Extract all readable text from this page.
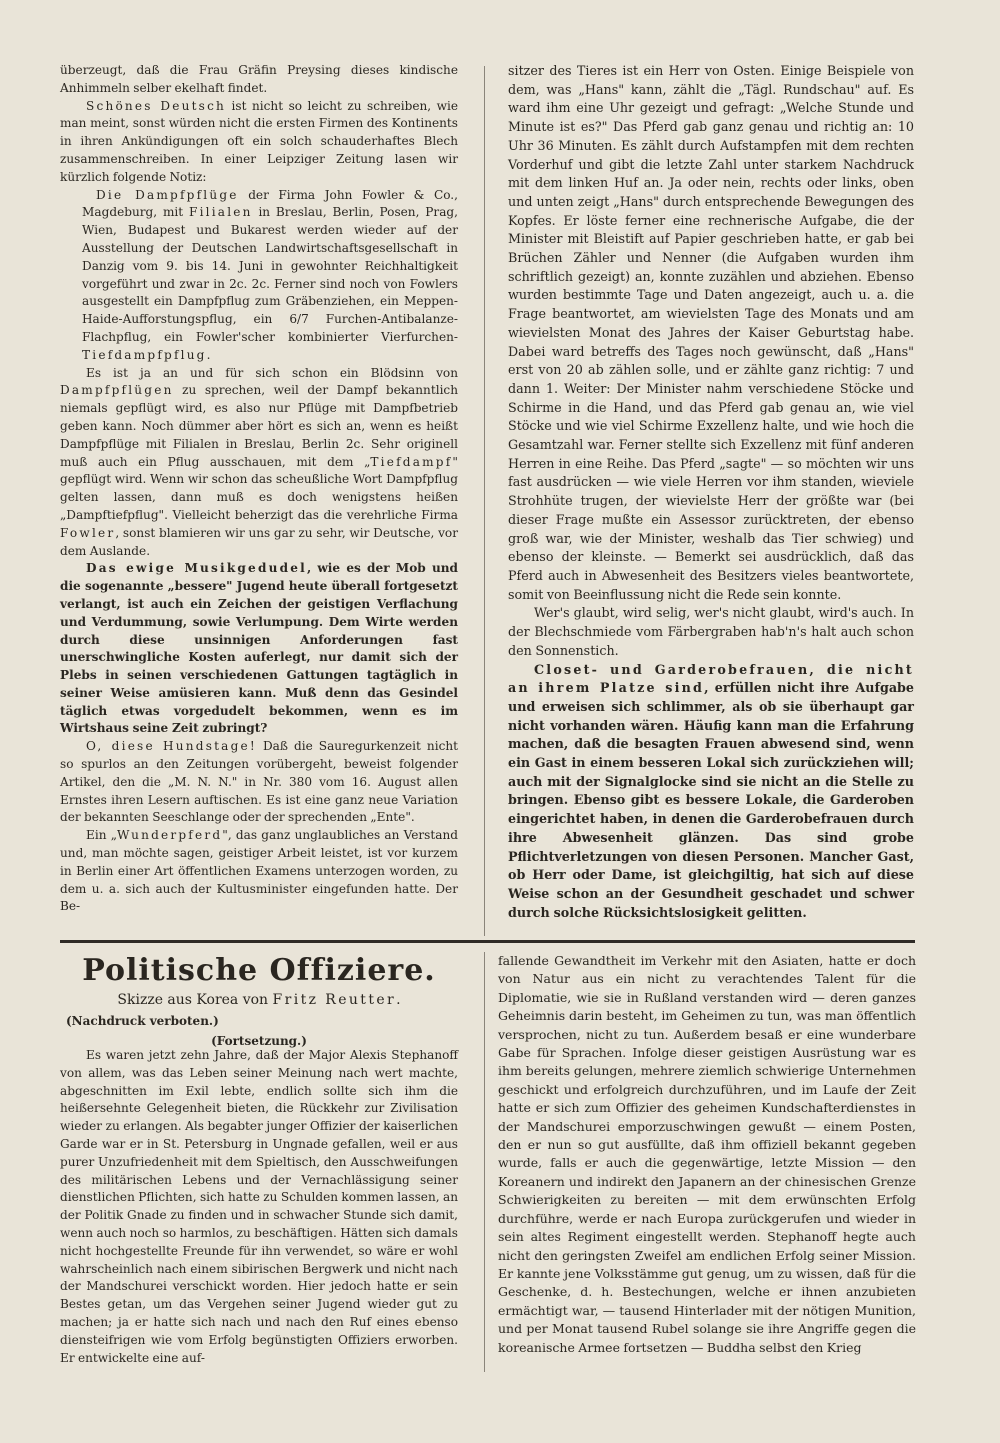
überzeugt, daß die Frau Gräfin Preysing dieses kindische Anhimmeln selber ekelhaft findet.

Schönes Deutsch ist nicht so leicht zu schreiben, wie man meint, sonst würden nicht die ersten Firmen des Kontinents in ihren Ankündigungen oft ein solch schauderhaftes Blech zusammenschreiben. In einer Leipziger Zeitung lasen wir kürzlich folgende Notiz:

Die Dampfpflüge der Firma John Fowler & Co., Magdeburg, mit Filialen in Breslau, Berlin, Posen, Prag, Wien, Budapest und Bukarest werden wieder auf der Ausstellung der Deutschen Landwirtschaftsgesellschaft in Danzig vom 9. bis 14. Juni in gewohnter Reichhaltigkeit vorgeführt und zwar in 2c. 2c. Ferner sind noch von Fowlers ausgestellt ein Dampfpflug zum Gräbenziehen, ein Meppen-Haide-Aufforstungspflug, ein 6/7 Furchen-Antibalanze-Flachpflug, ein Fowler'scher kombinierter Vierfurchen-Tiefdampfpflug.

Es ist ja an und für sich schon ein Blödsinn von Dampfpflügen zu sprechen, weil der Dampf bekanntlich niemals gepflügt wird, es also nur Pflüge mit Dampfbetrieb geben kann. Noch dümmer aber hört es sich an, wenn es heißt Dampfpflüge mit Filialen in Breslau, Berlin 2c. Sehr originell muß auch ein Pflug ausschauen, mit dem „Tiefdampf" gepflügt wird. Wenn wir schon das scheußliche Wort Dampfpflug gelten lassen, dann muß es doch wenigstens heißen „Dampftiefpflug". Vielleicht beherzigt das die verehrliche Firma Fowler, sonst blamieren wir uns gar zu sehr, wir Deutsche, vor dem Auslande.

Das ewige Musikgedudel, wie es der Mob und die sogenannte „bessere" Jugend heute überall fortgesetzt verlangt, ist auch ein Zeichen der geistigen Verflachung und Verdummung, sowie Verlumpung. Dem Wirte werden durch diese unsinnigen Anforderungen fast unerschwingliche Kosten auferlegt, nur damit sich der Plebs in seinen verschiedenen Gattungen tagtäglich in seiner Weise amüsieren kann. Muß denn das Gesindel täglich etwas vorgedudelt bekommen, wenn es im Wirtshaus seine Zeit zubringt?

O, diese Hundstage! Daß die Sauregurkenzeit nicht so spurlos an den Zeitungen vorübergeht, beweist folgender Artikel, den die „M. N. N." in Nr. 380 vom 16. August allen Ernstes ihren Lesern auftischen. Es ist eine ganz neue Variation der bekannten Seeschlange oder der sprechenden „Ente".

Ein „Wunderpferd", das ganz unglaubliches an Verstand und, man möchte sagen, geistiger Arbeit leistet, ist vor kurzem in Berlin einer Art öffentlichen Examens unterzogen worden, zu dem u. a. sich auch der Kultusminister eingefunden hatte. Der Be-

sitzer des Tieres ist ein Herr von Osten. Einige Beispiele von dem, was „Hans" kann, zählt die „Tägl. Rundschau" auf. Es ward ihm eine Uhr gezeigt und gefragt: „Welche Stunde und Minute ist es?" Das Pferd gab ganz genau und richtig an: 10 Uhr 36 Minuten. Es zählt durch Aufstampfen mit dem rechten Vorderhuf und gibt die letzte Zahl unter starkem Nachdruck mit dem linken Huf an. Ja oder nein, rechts oder links, oben und unten zeigt „Hans" durch entsprechende Bewegungen des Kopfes. Er löste ferner eine rechnerische Aufgabe, die der Minister mit Bleistift auf Papier geschrieben hatte, er gab bei Brüchen Zähler und Nenner (die Aufgaben wurden ihm schriftlich gezeigt) an, konnte zuzählen und abziehen. Ebenso wurden bestimmte Tage und Daten angezeigt, auch u. a. die Frage beantwortet, am wievielsten Tage des Monats und am wievielsten Monat des Jahres der Kaiser Geburtstag habe. Dabei ward betreffs des Tages noch gewünscht, daß „Hans" erst von 20 ab zählen solle, und er zählte ganz richtig: 7 und dann 1. Weiter: Der Minister nahm verschiedene Stöcke und Schirme in die Hand, und das Pferd gab genau an, wie viel Stöcke und wie viel Schirme Exzellenz halte, und wie hoch die Gesamtzahl war. Ferner stellte sich Exzellenz mit fünf anderen Herren in eine Reihe. Das Pferd „sagte" — so möchten wir uns fast ausdrücken — wie viele Herren vor ihm standen, wieviele Strohhüte trugen, der wievielste Herr der größte war (bei dieser Frage mußte ein Assessor zurücktreten, der ebenso groß war, wie der Minister, weshalb das Tier schwieg) und ebenso der kleinste. — Bemerkt sei ausdrücklich, daß das Pferd auch in Abwesenheit des Besitzers vieles beantwortete, somit von Beeinflussung nicht die Rede sein konnte.

Wer's glaubt, wird selig, wer's nicht glaubt, wird's auch. In der Blechschmiede vom Färbergraben hab'n's halt auch schon den Sonnenstich.

Closet- und Garderobefrauen, die nicht an ihrem Platze sind, erfüllen nicht ihre Aufgabe und erweisen sich schlimmer, als ob sie überhaupt gar nicht vorhanden wären. Häufig kann man die Erfahrung machen, daß die besagten Frauen abwesend sind, wenn ein Gast in einem besseren Lokal sich zurückziehen will; auch mit der Signalglocke sind sie nicht an die Stelle zu bringen. Ebenso gibt es bessere Lokale, die Garderoben eingerichtet haben, in denen die Garderobefrauen durch ihre Abwesenheit glänzen. Das sind grobe Pflichtverletzungen von diesen Personen. Mancher Gast, ob Herr oder Dame, ist gleichgiltig, hat sich auf diese Weise schon an der Gesundheit geschadet und schwer durch solche Rücksichtslosigkeit gelitten.

Politische Offiziere.

Skizze aus Korea von Fritz Reutter.

(Nachdruck verboten.)

(Fortsetzung.)

Es waren jetzt zehn Jahre, daß der Major Alexis Stephanoff von allem, was das Leben seiner Meinung nach wert machte, abgeschnitten im Exil lebte, endlich sollte sich ihm die heißersehnte Gelegenheit bieten, die Rückkehr zur Zivilisation wieder zu erlangen. Als begabter junger Offizier der kaiserlichen Garde war er in St. Petersburg in Ungnade gefallen, weil er aus purer Unzufriedenheit mit dem Spieltisch, den Ausschweifungen des militärischen Lebens und der Vernachlässigung seiner dienstlichen Pflichten, sich hatte zu Schulden kommen lassen, an der Politik Gnade zu finden und in schwacher Stunde sich damit, wenn auch noch so harmlos, zu beschäftigen. Hätten sich damals nicht hochgestellte Freunde für ihn verwendet, so wäre er wohl wahrscheinlich nach einem sibirischen Bergwerk und nicht nach der Mandschurei verschickt worden. Hier jedoch hatte er sein Bestes getan, um das Vergehen seiner Jugend wieder gut zu machen; ja er hatte sich nach und nach den Ruf eines ebenso diensteifrigen wie vom Erfolg begünstigten Offiziers erworben. Er entwickelte eine auf-

fallende Gewandtheit im Verkehr mit den Asiaten, hatte er doch von Natur aus ein nicht zu verachtendes Talent für die Diplomatie, wie sie in Rußland verstanden wird — deren ganzes Geheimnis darin besteht, im Geheimen zu tun, was man öffentlich versprochen, nicht zu tun. Außerdem besaß er eine wunderbare Gabe für Sprachen. Infolge dieser geistigen Ausrüstung war es ihm bereits gelungen, mehrere ziemlich schwierige Unternehmen geschickt und erfolgreich durchzuführen, und im Laufe der Zeit hatte er sich zum Offizier des geheimen Kundschafterdienstes in der Mandschurei emporzuschwingen gewußt — einem Posten, den er nun so gut ausfüllte, daß ihm offiziell bekannt gegeben wurde, falls er auch die gegenwärtige, letzte Mission — den Koreanern und indirekt den Japanern an der chinesischen Grenze Schwierigkeiten zu bereiten — mit dem erwünschten Erfolg durchführe, werde er nach Europa zurückgerufen und wieder in sein altes Regiment eingestellt werden. Stephanoff hegte auch nicht den geringsten Zweifel am endlichen Erfolg seiner Mission. Er kannte jene Volksstämme gut genug, um zu wissen, daß für die Geschenke, d. h. Bestechungen, welche er ihnen anzubieten ermächtigt war, — tausend Hinterlader mit der nötigen Munition, und per Monat tausend Rubel solange sie ihre Angriffe gegen die koreanische Armee fortsetzen — Buddha selbst den Krieg
